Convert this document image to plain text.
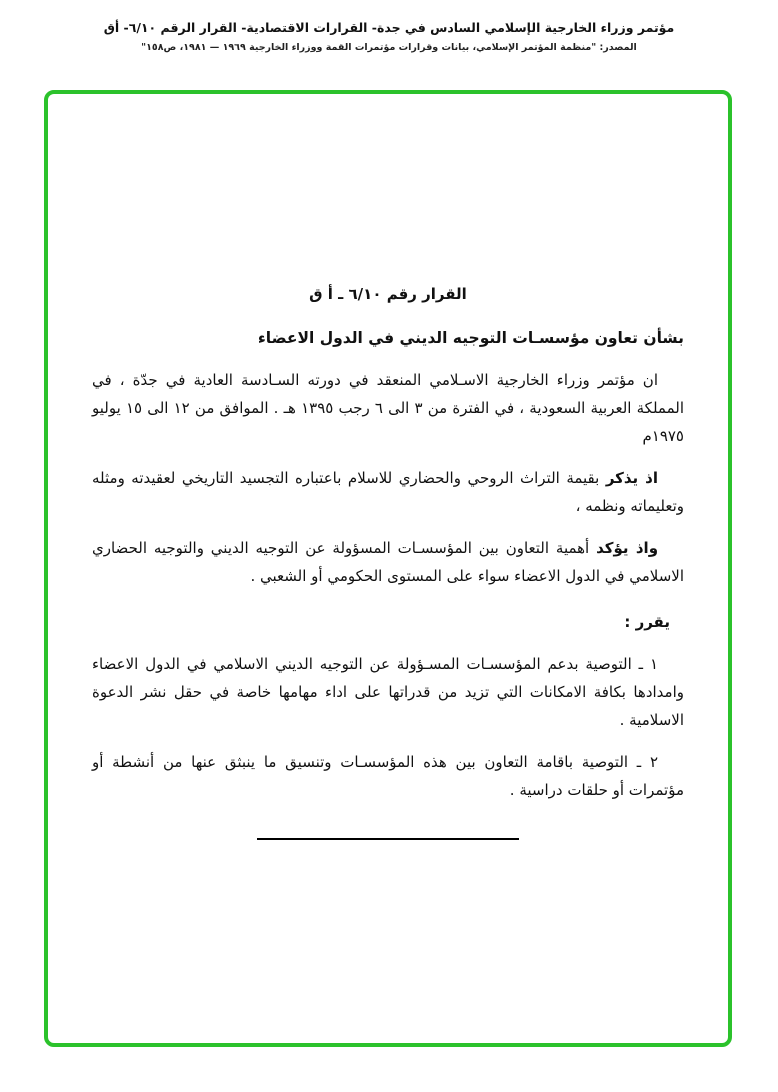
مؤتمر وزراء الخارجية الإسلامي السادس في جدة- القرارات الاقتصادية- القرار الرقم ٦/١٠- أق
المصدر: "منظمة المؤتمر الإسلامي، بيانات وقرارات مؤتمرات القمة ووزراء الخارجية ١٩٦٩ — ١٩٨١، ص١٥٨"
القرار رقم ٦/١٠ ـ أ ق
بشأن تعاون مؤسسـات التوجيه الديني في الدول الاعضاء

ان مؤتمر وزراء الخارجية الاسـلامي المنعقد في دورته السـادسة العادية في جدّة ، في المملكة العربية السعودية ، في الفترة من ٣ الى ٦ رجب ١٣٩٥ هـ . الموافق من ١٢ الى ١٥ يوليو ١٩٧٥م

اذ يذكر بقيمة التراث الروحي والحضاري للاسلام باعتباره التجسيد التاريخي لعقيدته ومثله وتعليماته ونظمه ،

واذ يؤكد أهمية التعاون بين المؤسسـات المسؤولة عن التوجيه الديني والتوجيه الحضاري الاسلامي في الدول الاعضاء سواء على المستوى الحكومي أو الشعبي .

يقرر :

١ ـ التوصية بدعم المؤسسـات المسـؤولة عن التوجيه الديني الاسلامي في الدول الاعضاء وامدادها بكافة الامكانات التي تزيد من قدراتها على اداء مهامها خاصة في حقل نشر الدعوة الاسلامية .

٢ ـ التوصية باقامة التعاون بين هذه المؤسسـات وتنسيق ما ينبثق عنها من أنشطة أو مؤتمرات أو حلقات دراسية .
